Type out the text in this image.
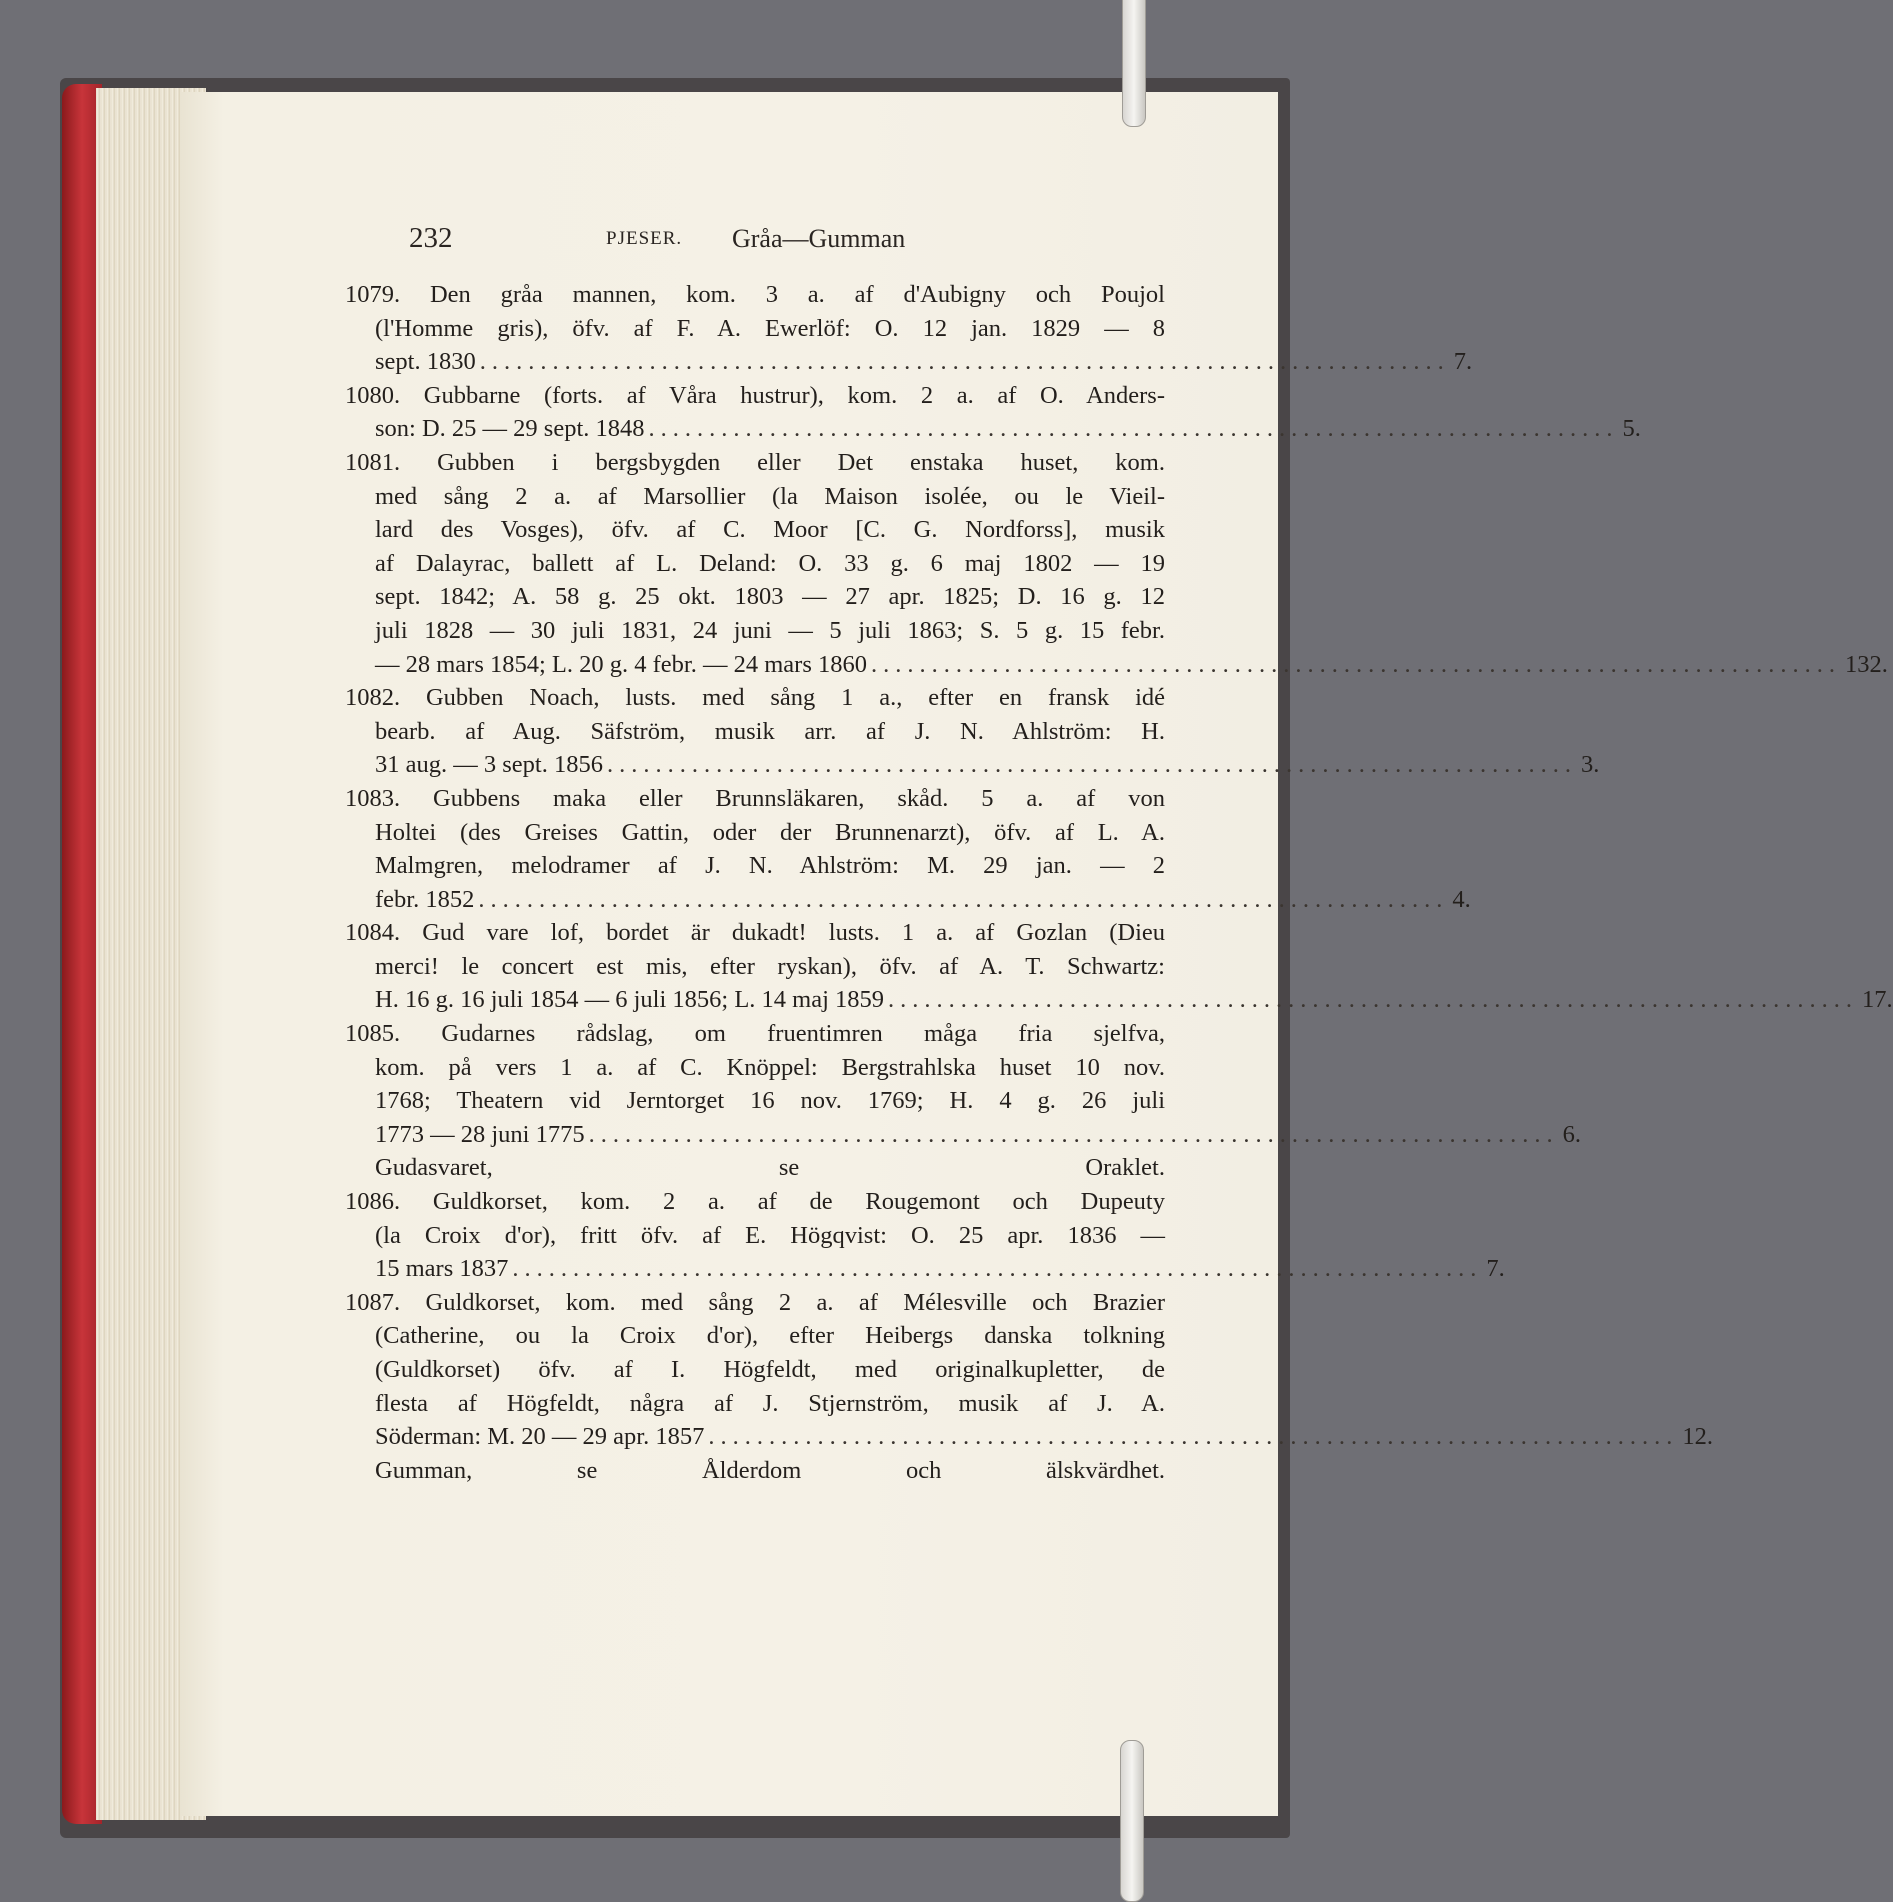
232	PJESER. Gråa—Gumman
1079. Den gråa mannen, kom. 3 a. af d'Aubigny och Poujol
(l'Homme gris), öfv. af F. A. Ewerlöf: O. 12 jan. 1829 — 8
sept. 1830 ................................................................................ 7.
1080. Gubbarne (forts. af Våra hustrur), kom. 2 a. af O. Anders-
son: D. 25 — 29 sept. 1848 ................................................................................ 5.
1081. Gubben i bergsbygden eller Det enstaka huset, kom.
med sång 2 a. af Marsollier (la Maison isolée, ou le Vieil-
lard des Vosges), öfv. af C. Moor [C. G. Nordforss], musik
af Dalayrac, ballett af L. Deland: O. 33 g. 6 maj 1802 — 19
sept. 1842; A. 58 g. 25 okt. 1803 — 27 apr. 1825; D. 16 g. 12
juli 1828 — 30 juli 1831, 24 juni — 5 juli 1863; S. 5 g. 15 febr.
— 28 mars 1854; L. 20 g. 4 febr. — 24 mars 1860 ................................................................................ 132.
1082. Gubben Noach, lusts. med sång 1 a., efter en fransk idé
bearb. af Aug. Säfström, musik arr. af J. N. Ahlström: H.
31 aug. — 3 sept. 1856 ................................................................................ 3.
1083. Gubbens maka eller Brunnsläkaren, skåd. 5 a. af von
Holtei (des Greises Gattin, oder der Brunnenarzt), öfv. af L. A.
Malmgren, melodramer af J. N. Ahlström: M. 29 jan. — 2
febr. 1852 ................................................................................ 4.
1084. Gud vare lof, bordet är dukadt! lusts. 1 a. af Gozlan (Dieu
merci! le concert est mis, efter ryskan), öfv. af A. T. Schwartz:
H. 16 g. 16 juli 1854 — 6 juli 1856; L. 14 maj 1859 ................................................................................ 17.
1085. Gudarnes rådslag, om fruentimren måga fria sjelfva,
kom. på vers 1 a. af C. Knöppel: Bergstrahlska huset 10 nov.
1768; Theatern vid Jerntorget 16 nov. 1769; H. 4 g. 26 juli
1773 — 28 juni 1775 ................................................................................ 6.
Gudasvaret, se Oraklet.
1086. Guldkorset, kom. 2 a. af de Rougemont och Dupeuty
(la Croix d'or), fritt öfv. af E. Högqvist: O. 25 apr. 1836 —
15 mars 1837 ................................................................................ 7.
1087. Guldkorset, kom. med sång 2 a. af Mélesville och Brazier
(Catherine, ou la Croix d'or), efter Heibergs danska tolkning
(Guldkorset) öfv. af I. Högfeldt, med originalkupletter, de
flesta af Högfeldt, några af J. Stjernström, musik af J. A.
Söderman: M. 20 — 29 apr. 1857 ................................................................................ 12.
Gumman, se Ålderdom och älskvärdhet.
